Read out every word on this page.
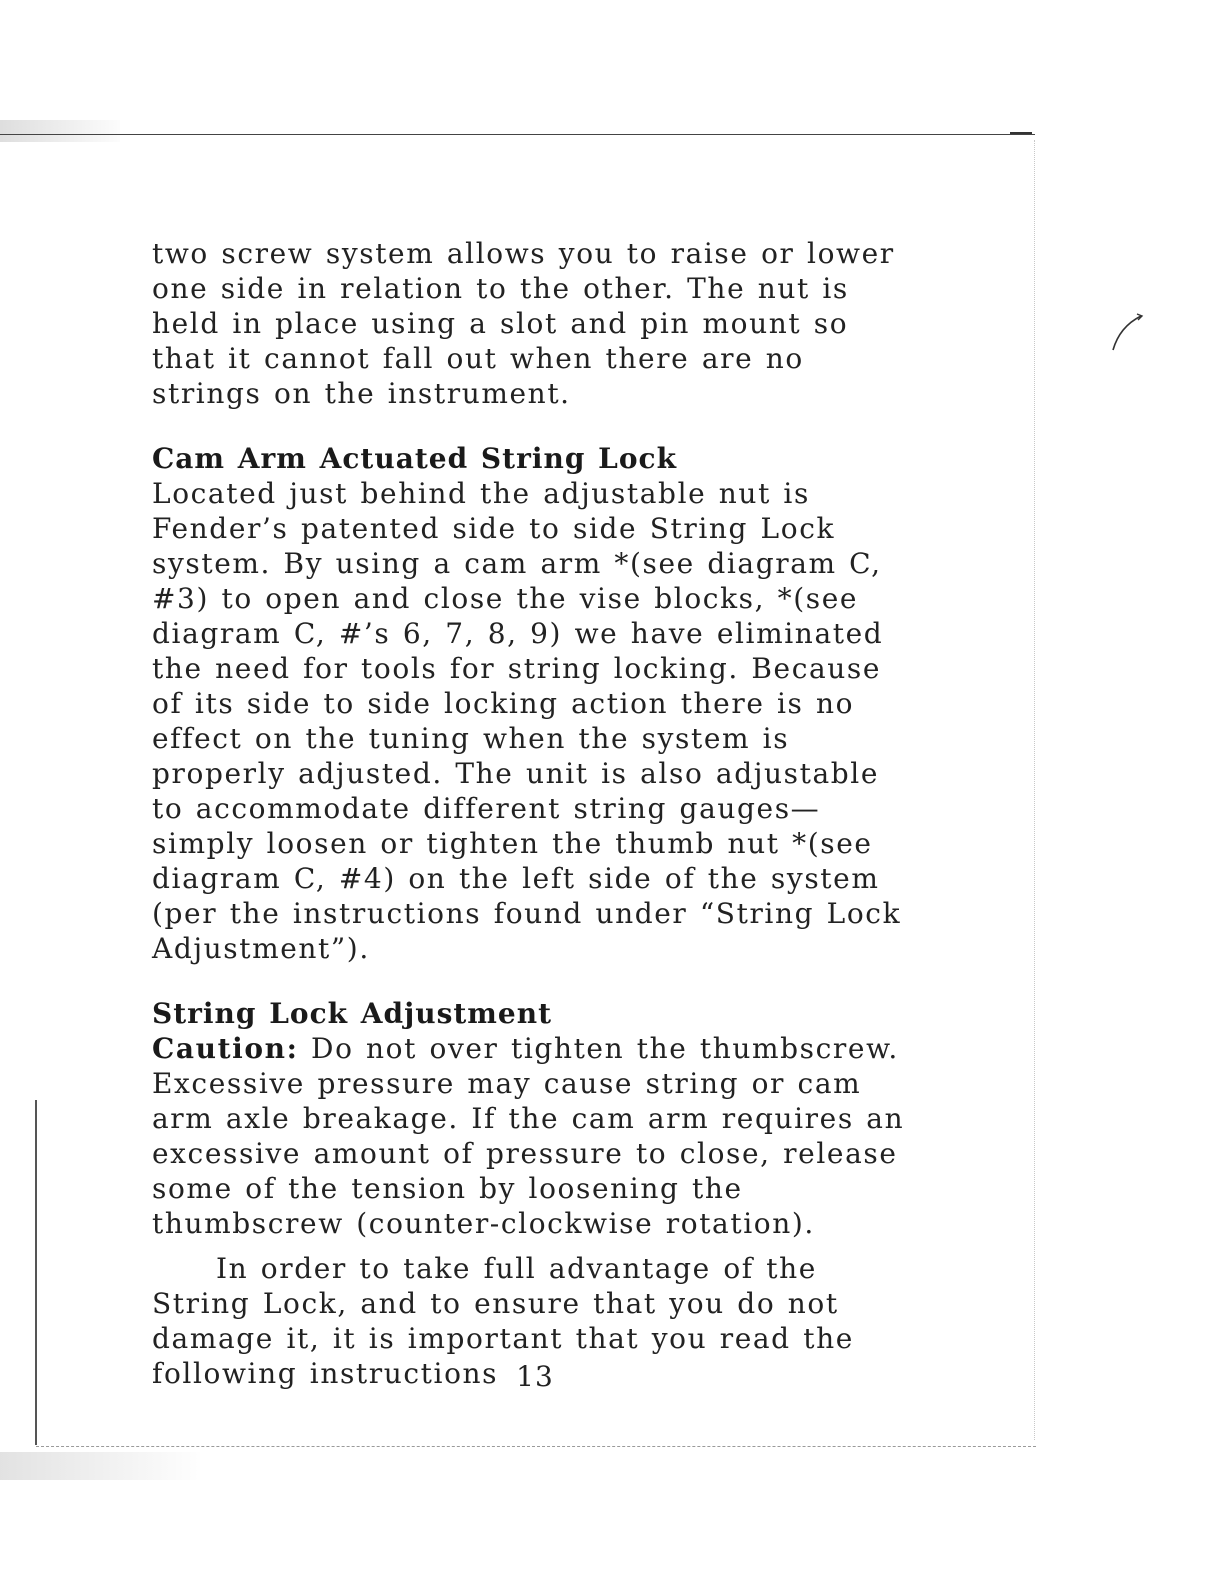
two screw system allows you to raise or lower one side in relation to the other. The nut is held in place using a slot and pin mount so that it cannot fall out when there are no strings on the instrument.

Cam Arm Actuated String Lock

Located just behind the adjustable nut is Fender’s patented side to side String Lock system. By using a cam arm *(see diagram C, #3) to open and close the vise blocks, *(see diagram C, #’s 6, 7, 8, 9) we have eliminated the need for tools for string locking. Because of its side to side locking action there is no effect on the tuning when the system is properly adjusted. The unit is also adjustable to accommodate different string gauges—simply loosen or tighten the thumb nut *(see diagram C, #4) on the left side of the system (per the instructions found under “String Lock Adjustment”).

String Lock Adjustment

Caution: Do not over tighten the thumbscrew. Excessive pressure may cause string or cam arm axle breakage. If the cam arm requires an excessive amount of pressure to close, release some of the tension by loosening the thumbscrew (counter-clockwise rotation).

In order to take full advantage of the String Lock, and to ensure that you do not damage it, it is important that you read the following instructions 13
